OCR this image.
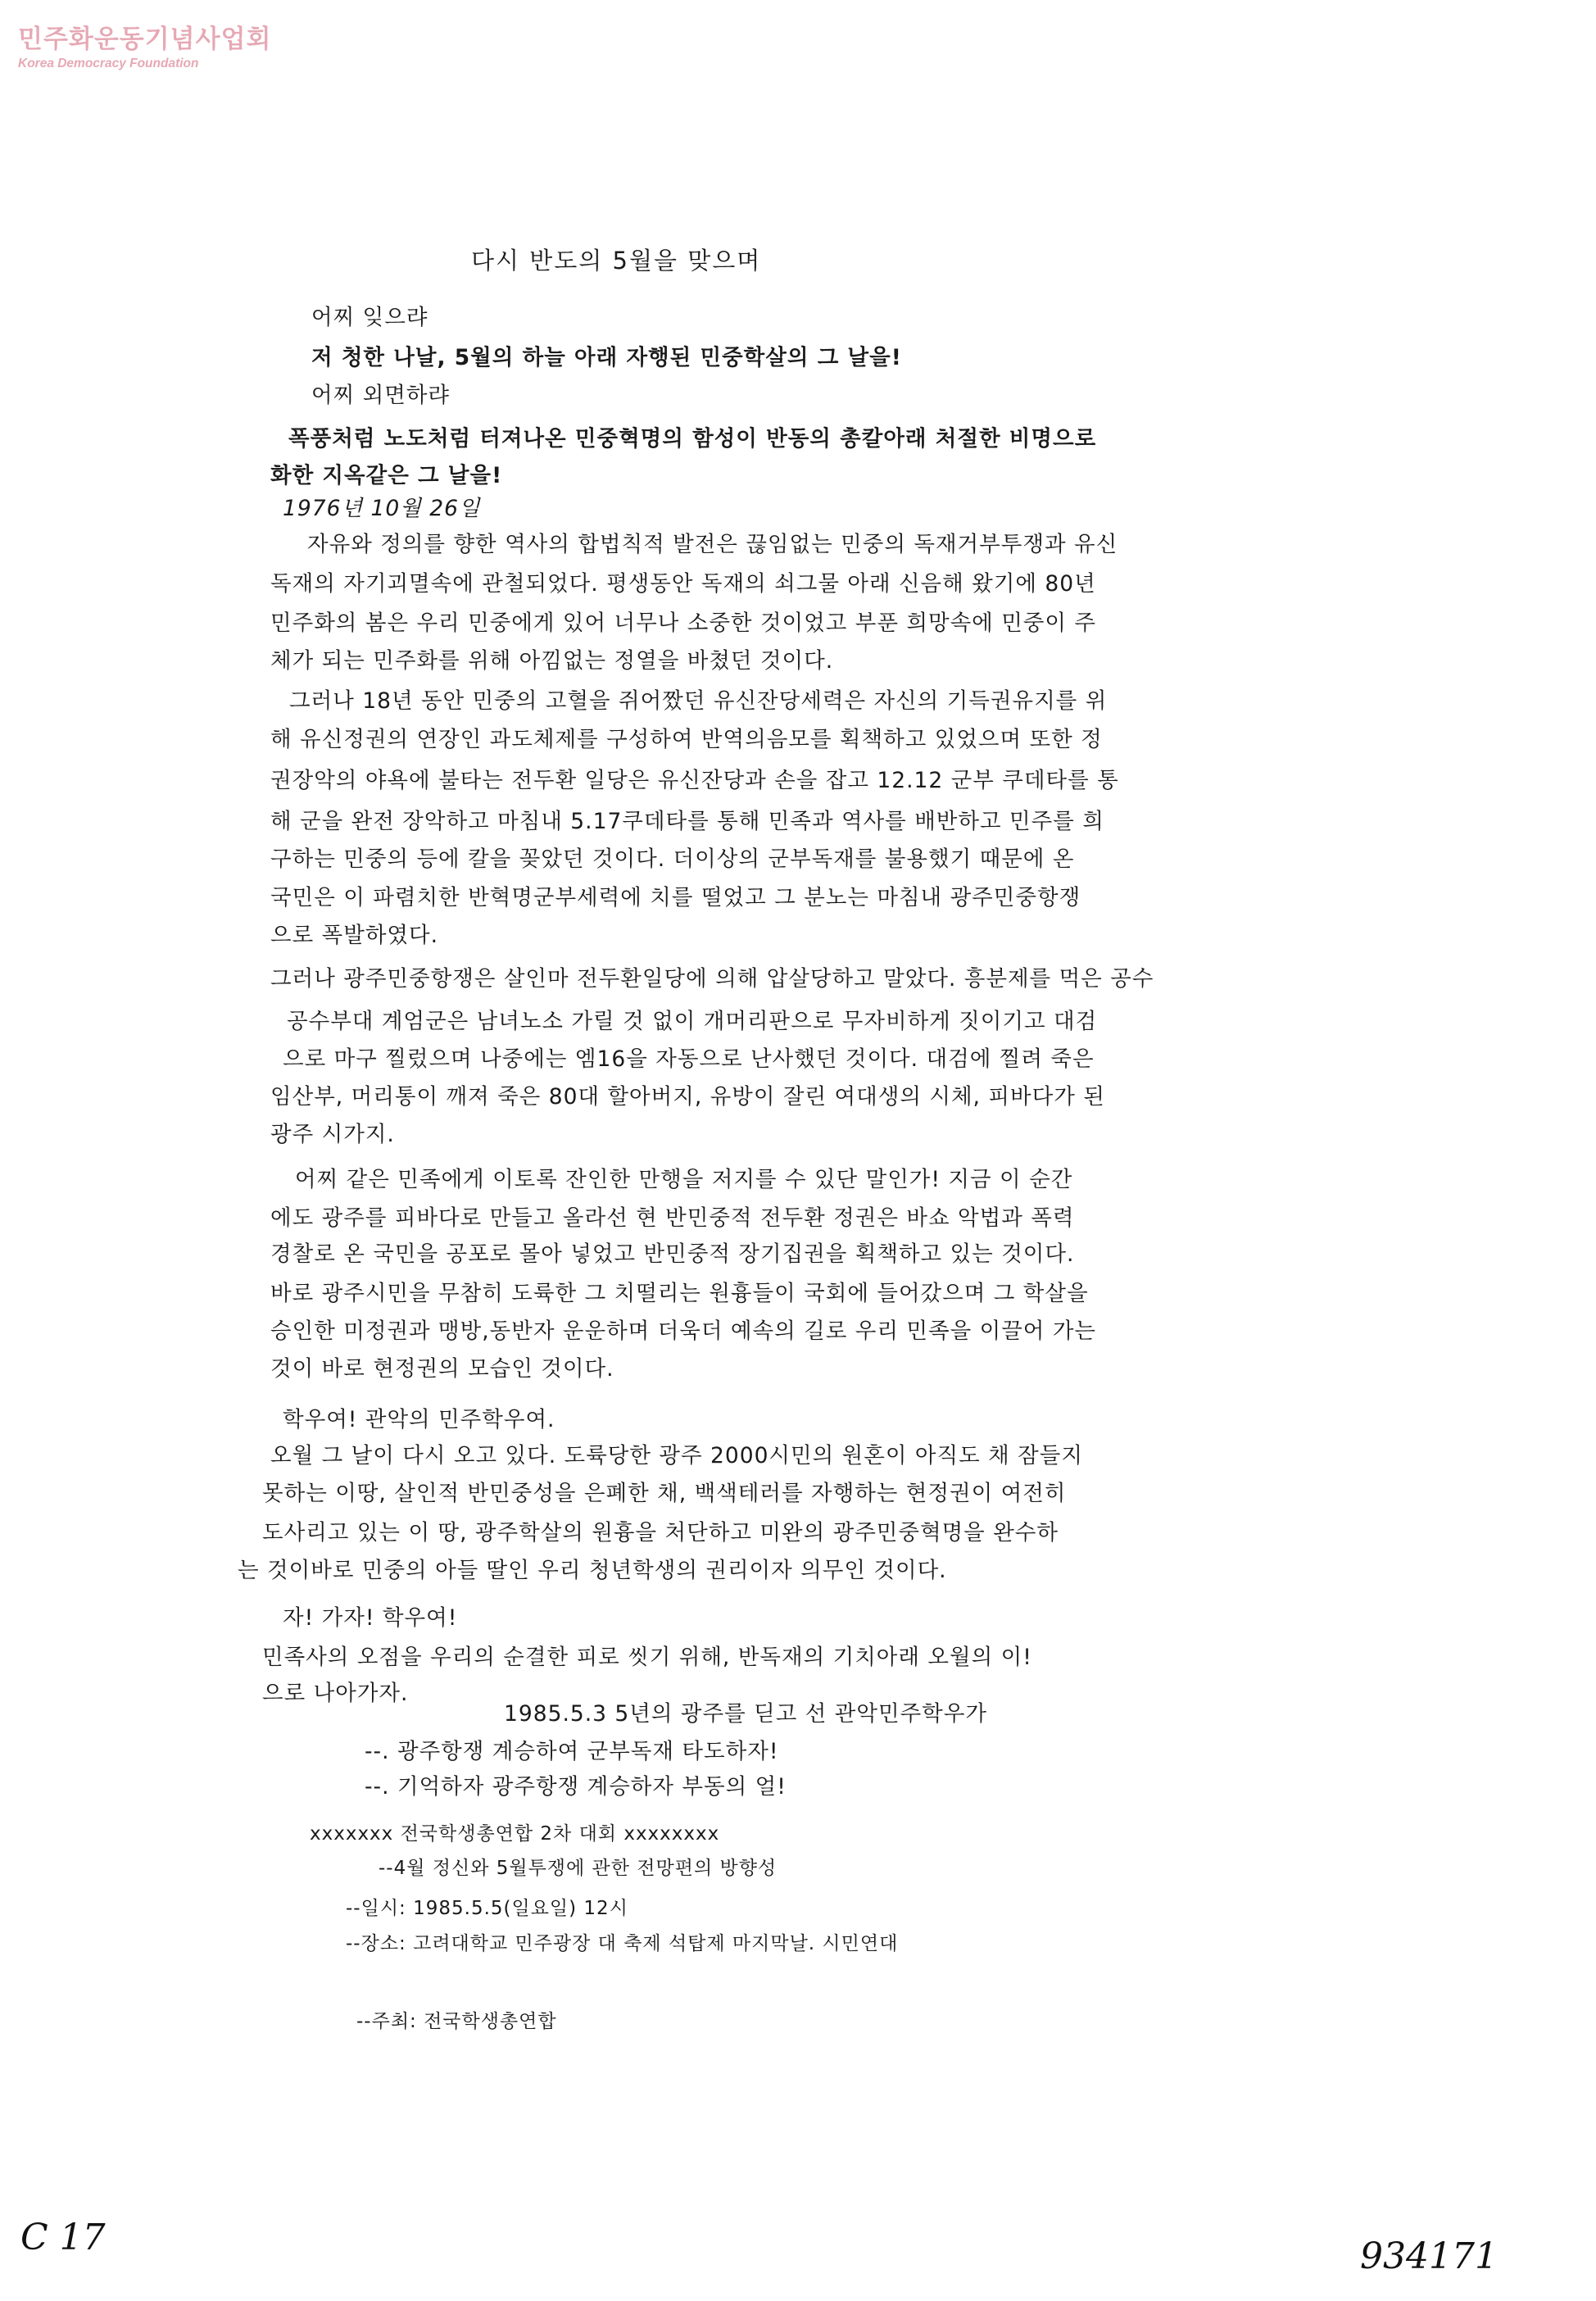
민주화운동기념사업회
Korea Democracy Foundation
다시 반도의 5월을 맞으며
어찌 잊으랴
저 청한 나날, 5월의 하늘 아래 자행된 민중학살의 그 날을!
어찌 외면하랴
폭풍처럼 노도처럼 터져나온 민중혁명의 함성이 반동의 총칼아래 처절한 비명으로
화한 지옥같은 그 날을!
1976년 10월 26일
자유와 정의를 향한 역사의 합법칙적 발전은 끊임없는 민중의 독재거부투쟁과 유신
독재의 자기괴멸속에 관철되었다. 평생동안 독재의 쇠그물 아래 신음해 왔기에 80년
민주화의 봄은 우리 민중에게 있어 너무나 소중한 것이었고 부푼 희망속에 민중이 주
체가 되는 민주화를 위해 아낌없는 정열을 바쳤던 것이다.
그러나 18년 동안 민중의 고혈을 쥐어짰던 유신잔당세력은 자신의 기득권유지를 위
해 유신정권의 연장인 과도체제를 구성하여 반역의음모를 획책하고 있었으며 또한 정
권장악의 야욕에 불타는 전두환 일당은 유신잔당과 손을 잡고 12.12 군부 쿠데타를 통
해 군을 완전 장악하고 마침내 5.17쿠데타를 통해 민족과 역사를 배반하고 민주를 희
구하는 민중의 등에 칼을 꽂았던 것이다. 더이상의 군부독재를 불용했기 때문에 온
국민은 이 파렴치한 반혁명군부세력에 치를 떨었고 그 분노는 마침내 광주민중항쟁
으로 폭발하였다.
그러나 광주민중항쟁은 살인마 전두환일당에 의해 압살당하고 말았다. 흥분제를 먹은 공수
공수부대 계엄군은 남녀노소 가릴 것 없이 개머리판으로 무자비하게 짓이기고 대검
으로 마구 찔렀으며 나중에는 엠16을 자동으로 난사했던 것이다. 대검에 찔려 죽은
임산부, 머리통이 깨져 죽은 80대 할아버지, 유방이 잘린 여대생의 시체, 피바다가 된
광주 시가지.
어찌 같은 민족에게 이토록 잔인한 만행을 저지를 수 있단 말인가! 지금 이 순간
에도 광주를 피바다로 만들고 올라선 현 반민중적 전두환 정권은 바쇼 악법과 폭력
경찰로 온 국민을 공포로 몰아 넣었고 반민중적 장기집권을 획책하고 있는 것이다.
바로 광주시민을 무참히 도륙한 그 치떨리는 원흉들이 국회에 들어갔으며 그 학살을
승인한 미정권과 맹방,동반자 운운하며 더욱더 예속의 길로 우리 민족을 이끌어 가는
것이 바로 현정권의 모습인 것이다.
학우여! 관악의 민주학우여.
오월 그 날이 다시 오고 있다. 도륙당한 광주 2000시민의 원혼이 아직도 채 잠들지
못하는 이땅, 살인적 반민중성을 은폐한 채, 백색테러를 자행하는 현정권이 여전히
도사리고 있는 이 땅, 광주학살의 원흉을 처단하고 미완의 광주민중혁명을 완수하
는 것이바로 민중의 아들 딸인 우리 청년학생의 권리이자 의무인 것이다.
자! 가자! 학우여!
민족사의 오점을 우리의 순결한 피로 씻기 위해, 반독재의 기치아래 오월의 이!
으로 나아가자.
1985.5.3 5년의 광주를 딛고 선 관악민주학우가
--. 광주항쟁 계승하여 군부독재 타도하자!
--. 기억하자 광주항쟁 계승하자 부동의 얼!
xxxxxxx 전국학생총연합 2차 대회 xxxxxxxx
--4월 정신와 5월투쟁에 관한 전망편의 방향성
--일시: 1985.5.5(일요일) 12시
--장소: 고려대학교 민주광장 대 축제 석탑제 마지막날. 시민연대
--주최: 전국학생총연합
C 17	934171
